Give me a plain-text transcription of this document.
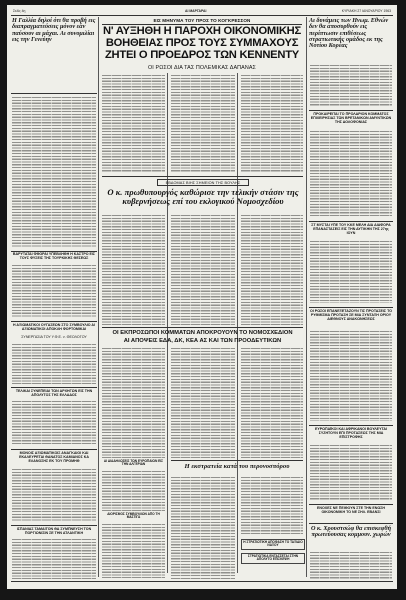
Σελίς 4η	ΑΙ ΜΑΡΓΑΡΑΙ	ΚΥΡΙΑΚΗ 27 ΙΑΝΟΥΑΡΙΟΥ 1963
Η Γαλλία δηλοί ότι θα προβή εις διαπραγματεύσεις μόνον εάν παύσουν αι μάχαι. Αι συνομιλίαι εις την Γενεύην
Αι δυνάμεις των Ηνωμ. Εθνών δεν θα αποσυρθούν εις περίπτωσιν επιθέσεως στρατιωτικής ομάδος εκ της Νοτίου Κορέας
ΕΙΣ ΜΗΝΥΜΑ ΤΟΥ ΠΡΟΣ ΤΟ ΚΟΓΚΡΕΣΣΟΝ
Ν' ΑΥΞΗΘΗ Η ΠΑΡΟΧΗ ΟΙΚΟΝΟΜΙΚΗΣ
ΒΟΗΘΕΙΑΣ ΠΡΟΣ ΤΟΥΣ ΣΥΜΜΑΧΟΥΣ
ΖΗΤΕΙ Ο ΠΡΟΕΔΡΟΣ ΤΩΝ ΚΕΝΝΕΝΤΥ
ΟΙ ΡΩΣΟΙ ΔΙΑ ΤΑΣ ΠΟΛΕΜΙΚΑΣ ΔΑΠΑΝΑΣ
ΒΑΡΥΤΑΤΑΙ ΦΘΟΡΑΙ ΥΠΕΒΛΗΘΗ Η ΚΑΣΤΡΟ ΕΙΣ ΤΟΥΣ ΦΥΣΕΙΣ ΤΗΣ ΤΟΥΡΚΙΚΗΣ ΘΕΣΕΩΣ
Η ΑΞΙΩΜΑΤΙΚΟΙ ΟΥΓΑΣΕΩΝ ΣΤΟ ΣΥΜΒΟΥΛΙΟ ΑΙ ΑΞΙΩΜΑΤΙΚΟΙ ΑΠΟΚΛΗ ΦΟΡΤΟΜΙΚΑΙ
ΣΥΝΕΡΓΑΣΙΑ ΤΟΥ Υ.Φ.Ε. ν. ΘΕΟΛΟΓΟΥ
ΤΕΛΙΚΑΙ ΣΥΝΕΠΕΙΑΙ ΤΩΝ ΑΡΧΗΓΩΝ ΕΙΣ ΤΗΝ ΑΠΟΛΥΤΟΣ ΤΗΣ ΕΛΛΑΔΟΣ
ΜΟΝΟΙΣ ΑΞΙΩΜΑΤΙΚΟΙΣ ΑΝΑΓΚΑΙΟΙ ΚΑΙ ΕΚΑΛΕΥΡΕΤΑΙ ΘΑΝΑΤΟΣ ΚΑΜΙΑΝΟΣ ΚΑ ΕΛΑΝΟΣΗΣ ΕΚ ΤΟΥ ΠΡΟΜΗΘ
ΙΣΠΑΝΙΑΣ ΤΑΜΑΙΤΟΝ ΘΑ ΣΥΜΠΝΕΥΣΗ ΤΟΝ ΠΟΡΓΙΩΝΙΣΙΝ ΣΕ ΤΗΝ ΑΤΛΑΝΤΙΚΗ
ΕΒΔΟΜΑΣ ΒΙΗΣ ΣΗΜΕΙΟΝ ΤΗΣ ΒΟΥΛΗΣ
Ο κ. πρωθυπουργός καθώρισε την τελικήν στάσιν της κυβερνήσεως επί του εκλογικού Νομοσχεδίου
ΟΙ ΕΚΠΡΟΣΩΠΟΙ ΚΟΜΜΑΤΩΝ ΑΠΟΚΡΟΥΟΥΝ ΤΟ ΝΟΜΟΣΧΕΔΙΟΝ
ΑΙ ΑΠΟΨΕΙΣ ΕΔΑ, ΔΚ, ΚΕΑ ΑΣ ΚΑΙ ΤΩΝ ΠΡΟΟΔΕΥΤΙΚΩΝ
ΑΙ ΔΙΑΔΗΛΩΣΕΙΣ ΤΩΝ ΕΥΡΩΠΑΙΩΝ ΕΙΣ ΤΗΝ ΑΛΓΕΡΙΑΝ
ΔΙΟΡΙΣΜΟΣ ΣΥΜΒΟΥΛΙΩΝ ΑΠΟ ΤΗ ΜΑΣΤΙΓΑ
Η εκστρατεία κατά του περονοσπόρου
Η ΣΤΡΑΤΙΩΤΙΚΗ ΑΠΟΦΑΣΗ ΤΟ ΤΑΞΙΔΙΟ ΝΑΞΟΥ
ΣΤΡΑΤΙΩΤΙΚΑ ΕΝΤΑΣΣΕΤΑΙ ΣΤΗΝ ΑΠΟΛΥΤΟ ΕΠΙΣΚΕΨΗ
ΠΡΟΚΑΙΡΕΙΤΑΙ ΤΟ ΠΡΟΛΑΡΙΟΝ ΚΟΜΜΑΤΟΣ ΕΠΙΧΕΙΡΗΣΙΑΣ ΤΩΝ ΒΡΕΤΑΝΙΚΩΝ ΑΜΥΝΤΙΚΩΝ ΤΗΣ ΔΟΛΟΦΟΝΙΑΣ
ΣΤ ΜΥΣΤΑΙ ΥΠΕ ΤΟΥ ΚΚΕ ΜΕΛΗ ΔΙΑ ΔΙΑΦΟΡΑ ΕΠΑΝΑΣΤΑΣΕΙΣ ΕΙΣ ΤΗΝ ΔΥΤΙΚΗΝ ΤΗΣ 27ης ΙΟΥΝ
ΟΙ ΡΩΣΟΙ ΕΠΑΝΕΞΕΤΑΖΟΥΝ ΤΙΣ ΠΡΟΤΑΣΕΙΣ ΤΟ ΡΥΘΜΙΣΜΑ ΠΡΟΤΑΣΗ ΣΕ ΜΙΑ ΣΥΝΤΑΞΗ ΟΡΙΟΥ ΔΙΕΘΝΟΥΣ ΑΝΑΚΩΝΗΣΕΩΣ
ΕΥΡΩΠΑΪΚΟΙ ΚΑΙ ΑΦΡΙΚΑΝΟΙ ΒΟΥΛΕΥΤΑΙ ΣΥΖΗΤΟΥΝ ΕΠΙ ΠΡΟΤΑΣΕΩΣ ΤΗΣ ΜΙΑ ΕΠΙΣΤΡΟΦΗΣ
ΕΝΟΧΕΣ ΝΕ ΠΕΙΘΟΥΝ ΣΤΕ ΤΗΝ ΕΝΩΣΗ ΟΙΚΟΝΟΜΙΚΗ ΤΟ ΝΕ ΣΗΛ. ΕΒΑΝΣΙ
Ο κ. Χρουστσώφ θα επισκεφθή πρωτεύουσας κομμουν. χωρών
